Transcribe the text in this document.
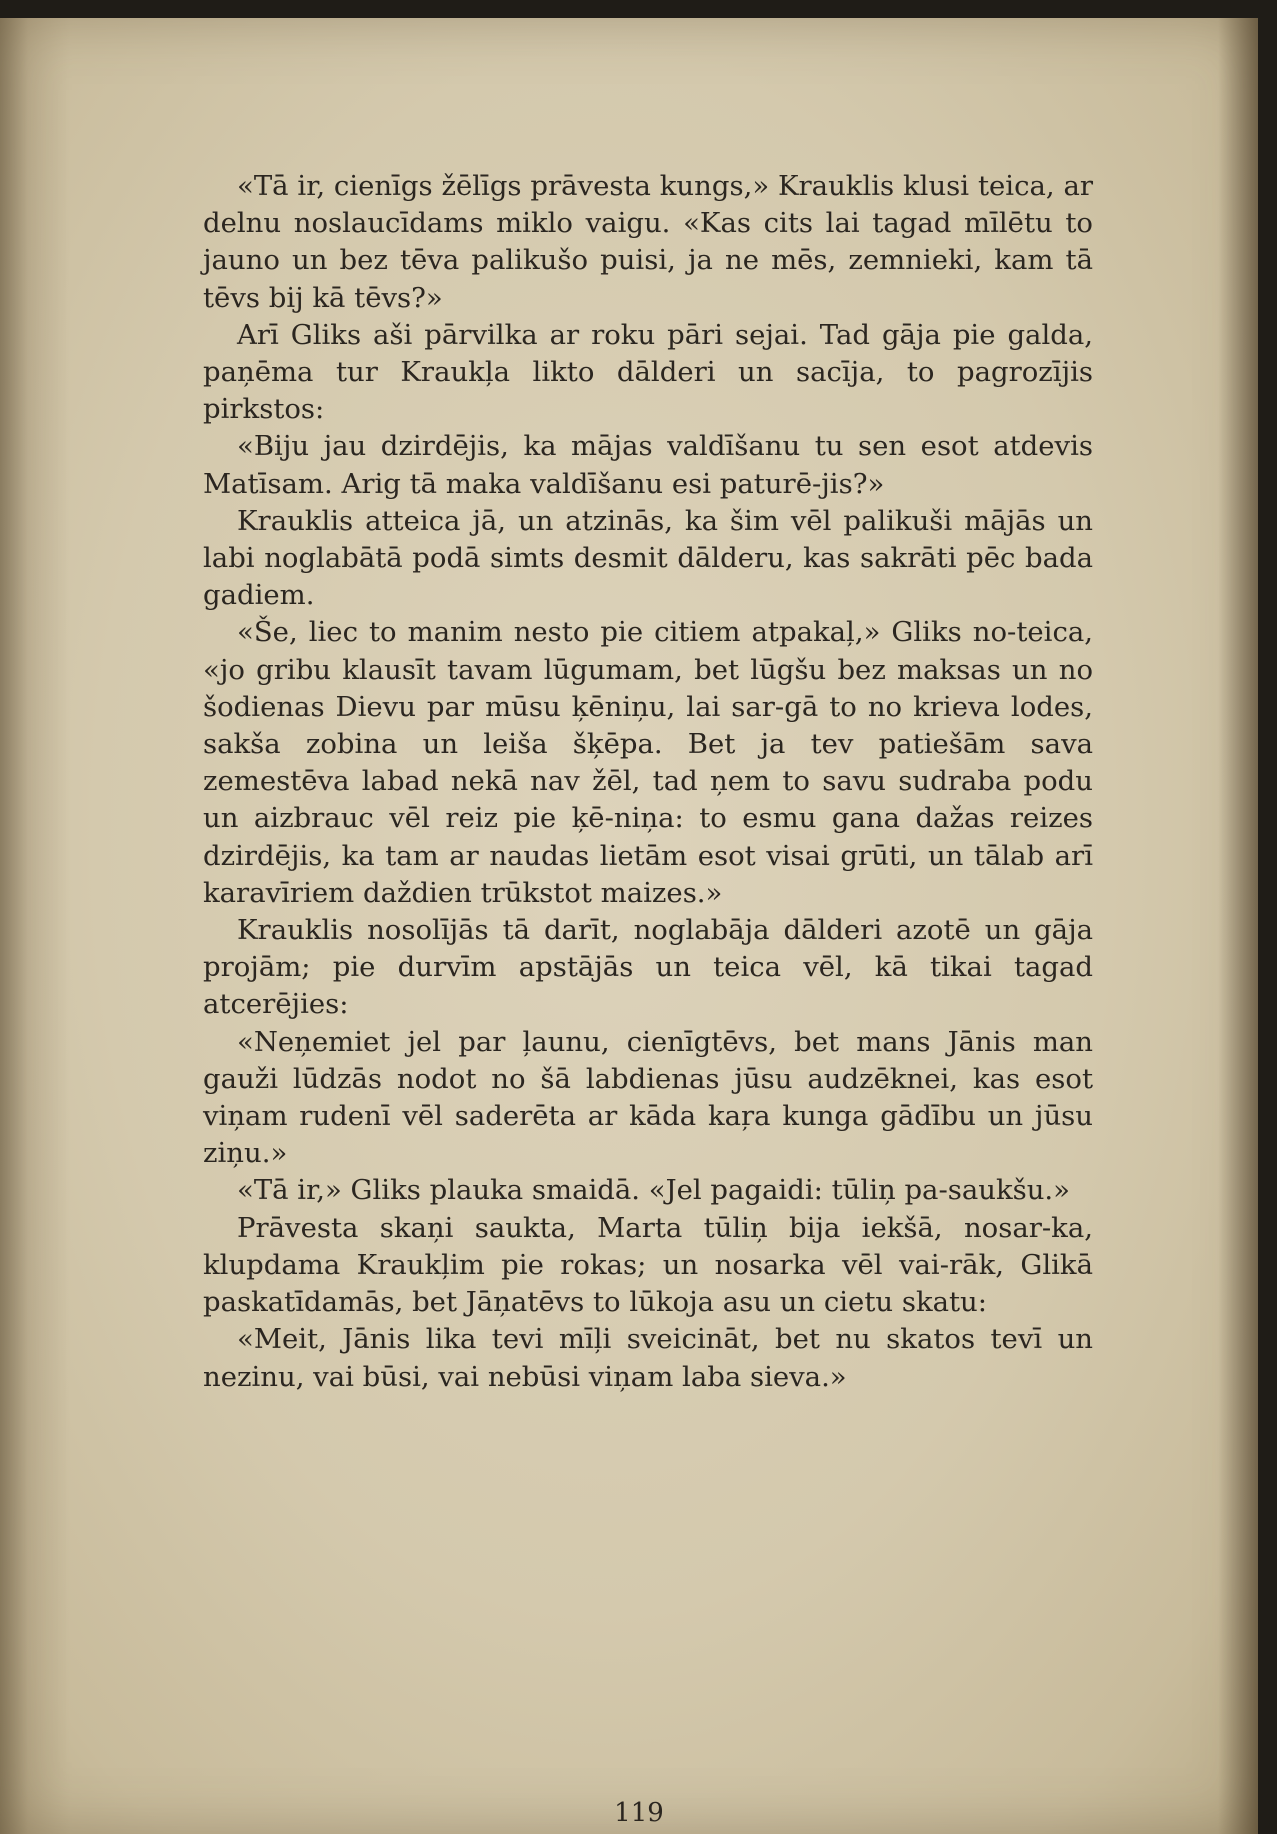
«Tā ir, cienīgs žēlīgs prāvesta kungs,» Krauklis klusi teica, ar delnu noslaucīdams miklo vaigu. «Kas cits lai tagad mīlētu to jauno un bez tēva palikušo puisi, ja ne mēs, zemnieki, kam tā tēvs bij kā tēvs?»

Arī Gliks aši pārvilka ar roku pāri sejai. Tad gāja pie galda, paņēma tur Kraukļa likto dālderi un sacīja, to pagrozījis pirkstos:

«Biju jau dzirdējis, ka mājas valdīšanu tu sen esot atdevis Matīsam. Arig tā maka valdīšanu esi paturē-jis?»

Krauklis atteica jā, un atzinās, ka šim vēl palikuši mājās un labi noglabātā podā simts desmit dālderu, kas sakrāti pēc bada gadiem.

«Še, liec to manim nesto pie citiem atpakaļ,» Gliks no-teica, «jo gribu klausīt tavam lūgumam, bet lūgšu bez maksas un no šodienas Dievu par mūsu ķēniņu, lai sar-gā to no krieva lodes, sakša zobina un leiša šķēpa. Bet ja tev patiešām sava zemestēva labad nekā nav žēl, tad ņem to savu sudraba podu un aizbrauc vēl reiz pie ķē-niņa: to esmu gana dažas reizes dzirdējis, ka tam ar naudas lietām esot visai grūti, un tālab arī karavīriem daždien trūkstot maizes.»

Krauklis nosolījās tā darīt, noglabāja dālderi azotē un gāja projām; pie durvīm apstājās un teica vēl, kā tikai tagad atcerējies:

«Neņemiet jel par ļaunu, cienīgtēvs, bet mans Jānis man gauži lūdzās nodot no šā labdienas jūsu audzēknei, kas esot viņam rudenī vēl saderēta ar kāda kaŗa kunga gādību un jūsu ziņu.»

«Tā ir,» Gliks plauka smaidā. «Jel pagaidi: tūliņ pa-saukšu.»

Prāvesta skaņi saukta, Marta tūliņ bija iekšā, nosar-ka, klupdama Kraukļim pie rokas; un nosarka vēl vai-rāk, Glikā paskatīdamās, bet Jāņatēvs to lūkoja asu un cietu skatu:

«Meit, Jānis lika tevi mīļi sveicināt, bet nu skatos tevī un nezinu, vai būsi, vai nebūsi viņam laba sieva.»

119
